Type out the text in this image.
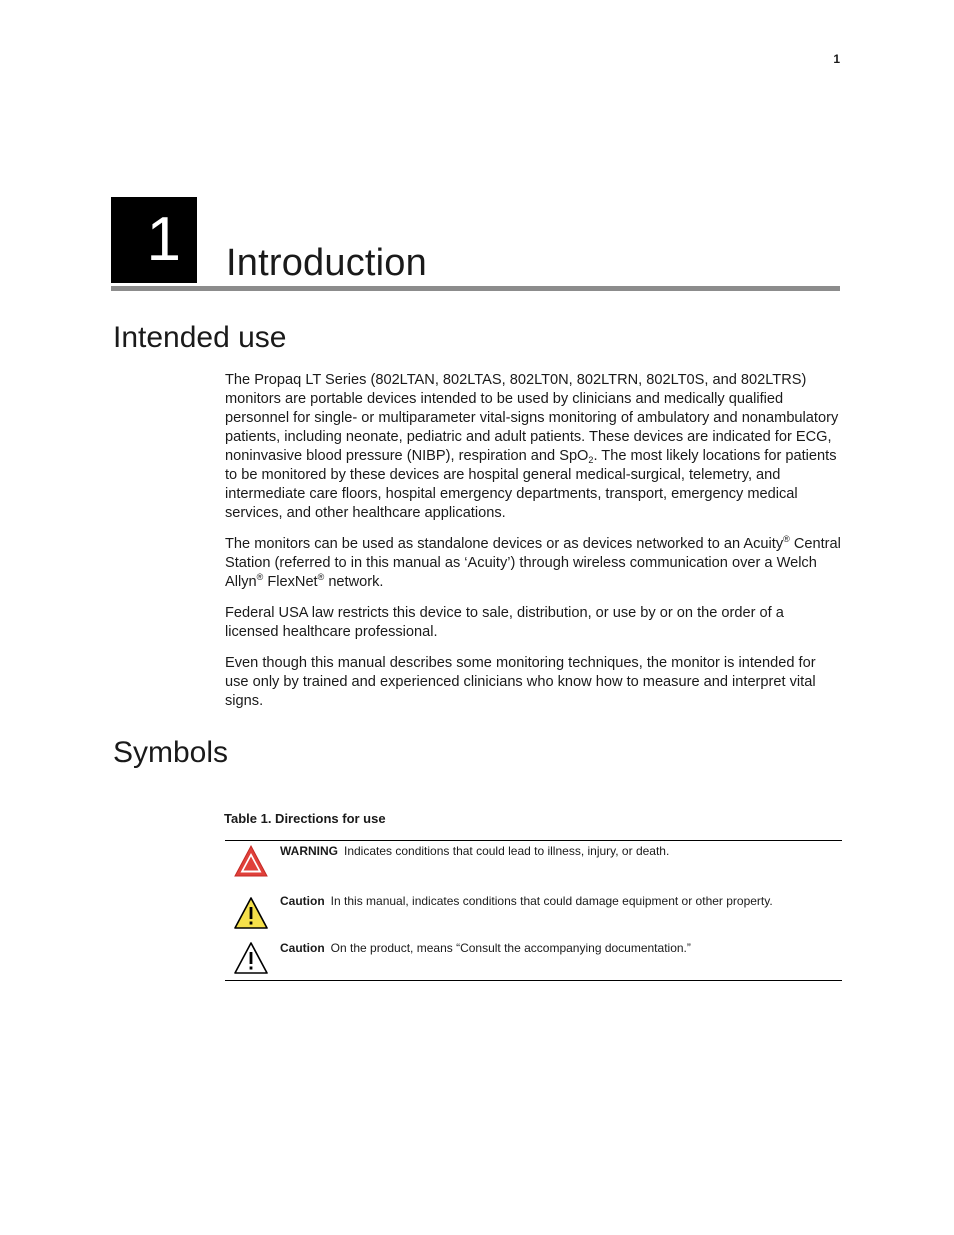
1
1	Introduction
Intended use

The Propaq LT Series (802LTAN, 802LTAS, 802LT0N, 802LTRN, 802LT0S, and 802LTRS) monitors are portable devices intended to be used by clinicians and medically qualified personnel for single- or multiparameter vital-signs monitoring of ambulatory and nonambulatory patients, including neonate, pediatric and adult patients. These devices are indicated for ECG, noninvasive blood pressure (NIBP), respiration and SpO$_2$. The most likely locations for patients to be monitored by these devices are hospital general medical-surgical, telemetry, and intermediate care floors, hospital emergency departments, transport, emergency medical services, and other healthcare applications.

The monitors can be used as standalone devices or as devices networked to an Acuity® Central Station (referred to in this manual as ‘Acuity’) through wireless communication over a Welch Allyn® FlexNet® network.

Federal USA law restricts this device to sale, distribution, or use by or on the order of a licensed healthcare professional.

Even though this manual describes some monitoring techniques, the monitor is intended for use only by trained and experienced clinicians who know how to measure and interpret vital signs.

Symbols
Table 1. Directions for use
WARNING Indicates conditions that could lead to illness, injury, or death.
Caution In this manual, indicates conditions that could damage equipment or other property.
Caution On the product, means “Consult the accompanying documentation.”
